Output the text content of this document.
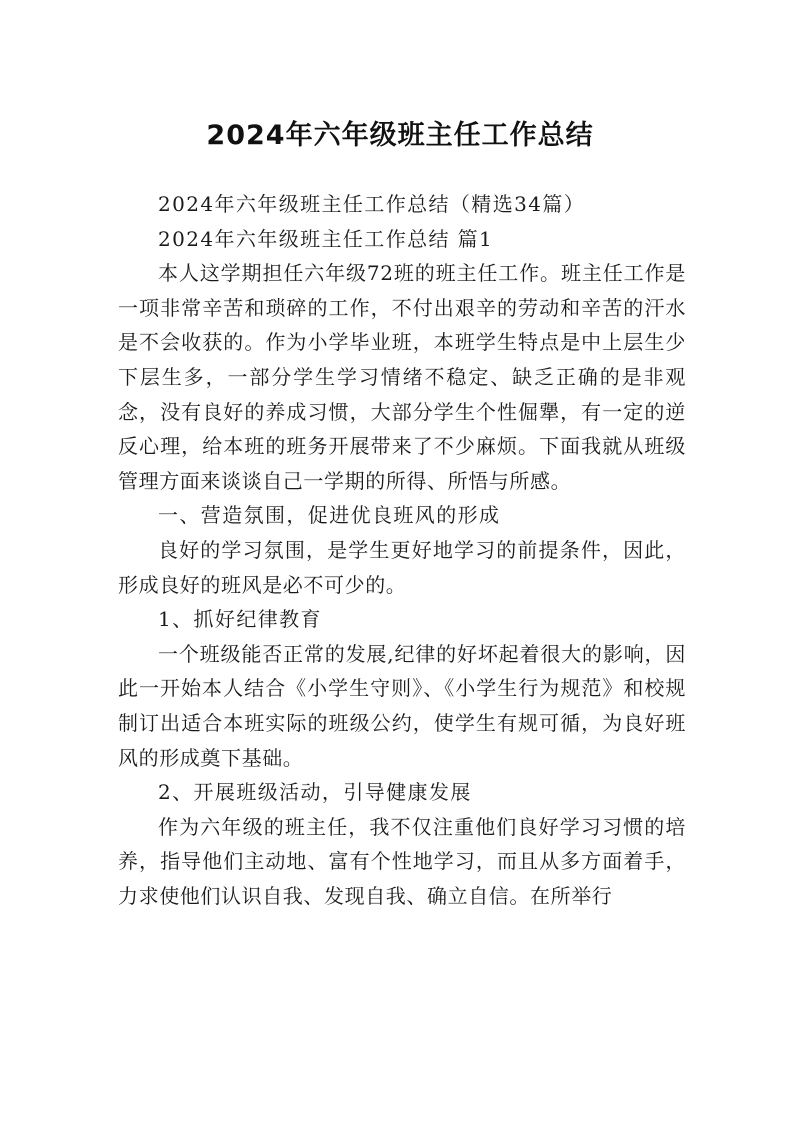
2024年六年级班主任工作总结

2024年六年级班主任工作总结（精选34篇）

2024年六年级班主任工作总结 篇1

本人这学期担任六年级72班的班主任工作。班主任工作是一项非常辛苦和琐碎的工作，不付出艰辛的劳动和辛苦的汗水是不会收获的。作为小学毕业班，本班学生特点是中上层生少下层生多，一部分学生学习情绪不稳定、缺乏正确的是非观念，没有良好的养成习惯，大部分学生个性倔犟，有一定的逆反心理，给本班的班务开展带来了不少麻烦。下面我就从班级管理方面来谈谈自己一学期的所得、所悟与所感。

一、营造氛围，促进优良班风的形成

良好的学习氛围，是学生更好地学习的前提条件，因此，形成良好的班风是必不可少的。

1、抓好纪律教育

一个班级能否正常的发展,纪律的好坏起着很大的影响，因此一开始本人结合《小学生守则》、《小学生行为规范》和校规制订出适合本班实际的班级公约，使学生有规可循，为良好班风的形成奠下基础。

2、开展班级活动，引导健康发展

作为六年级的班主任，我不仅注重他们良好学习习惯的培养，指导他们主动地、富有个性地学习，而且从多方面着手，力求使他们认识自我、发现自我、确立自信。在所举行
